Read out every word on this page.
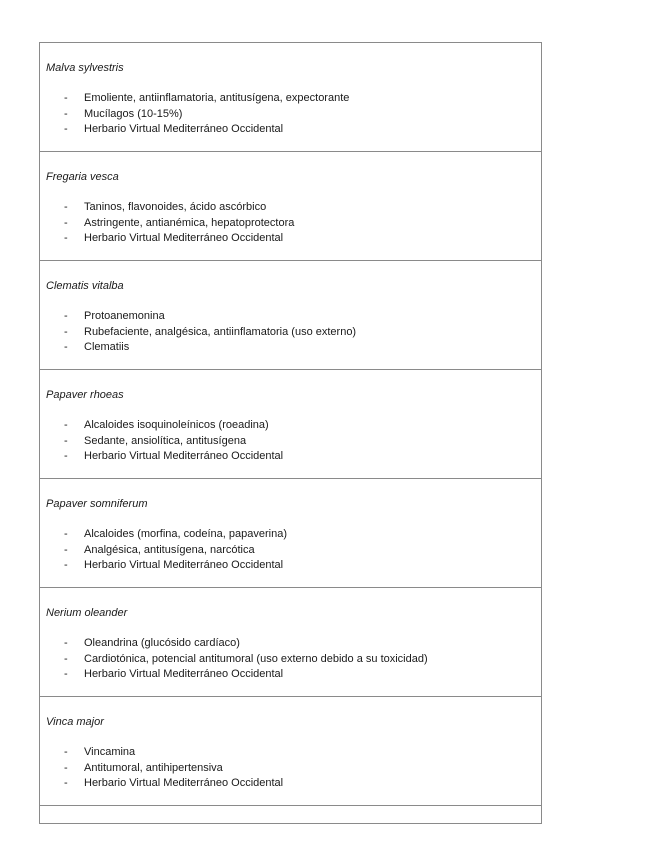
Malva sylvestris
- Emoliente, antiinflamatoria, antitusígena, expectorante
- Mucílagos (10-15%)
- Herbario Virtual Mediterráneo Occidental
Fregaria vesca
- Taninos, flavonoides, ácido ascórbico
- Astringente, antianémica, hepatoprotectora
- Herbario Virtual Mediterráneo Occidental
Clematis vitalba
- Protoanemonina
- Rubefaciente, analgésica, antiinflamatoria (uso externo)
- Clematiis
Papaver rhoeas
- Alcaloides isoquinoleínicos (roeadina)
- Sedante, ansiolítica, antitusígena
- Herbario Virtual Mediterráneo Occidental
Papaver somniferum
- Alcaloides (morfina, codeína, papaverina)
- Analgésica, antitusígena, narcótica
- Herbario Virtual Mediterráneo Occidental
Nerium oleander
- Oleandrina (glucósido cardíaco)
- Cardiotónica, potencial antitumoral (uso externo debido a su toxicidad)
- Herbario Virtual Mediterráneo Occidental
Vinca major
- Vincamina
- Antitumoral, antihipertensiva
- Herbario Virtual Mediterráneo Occidental
